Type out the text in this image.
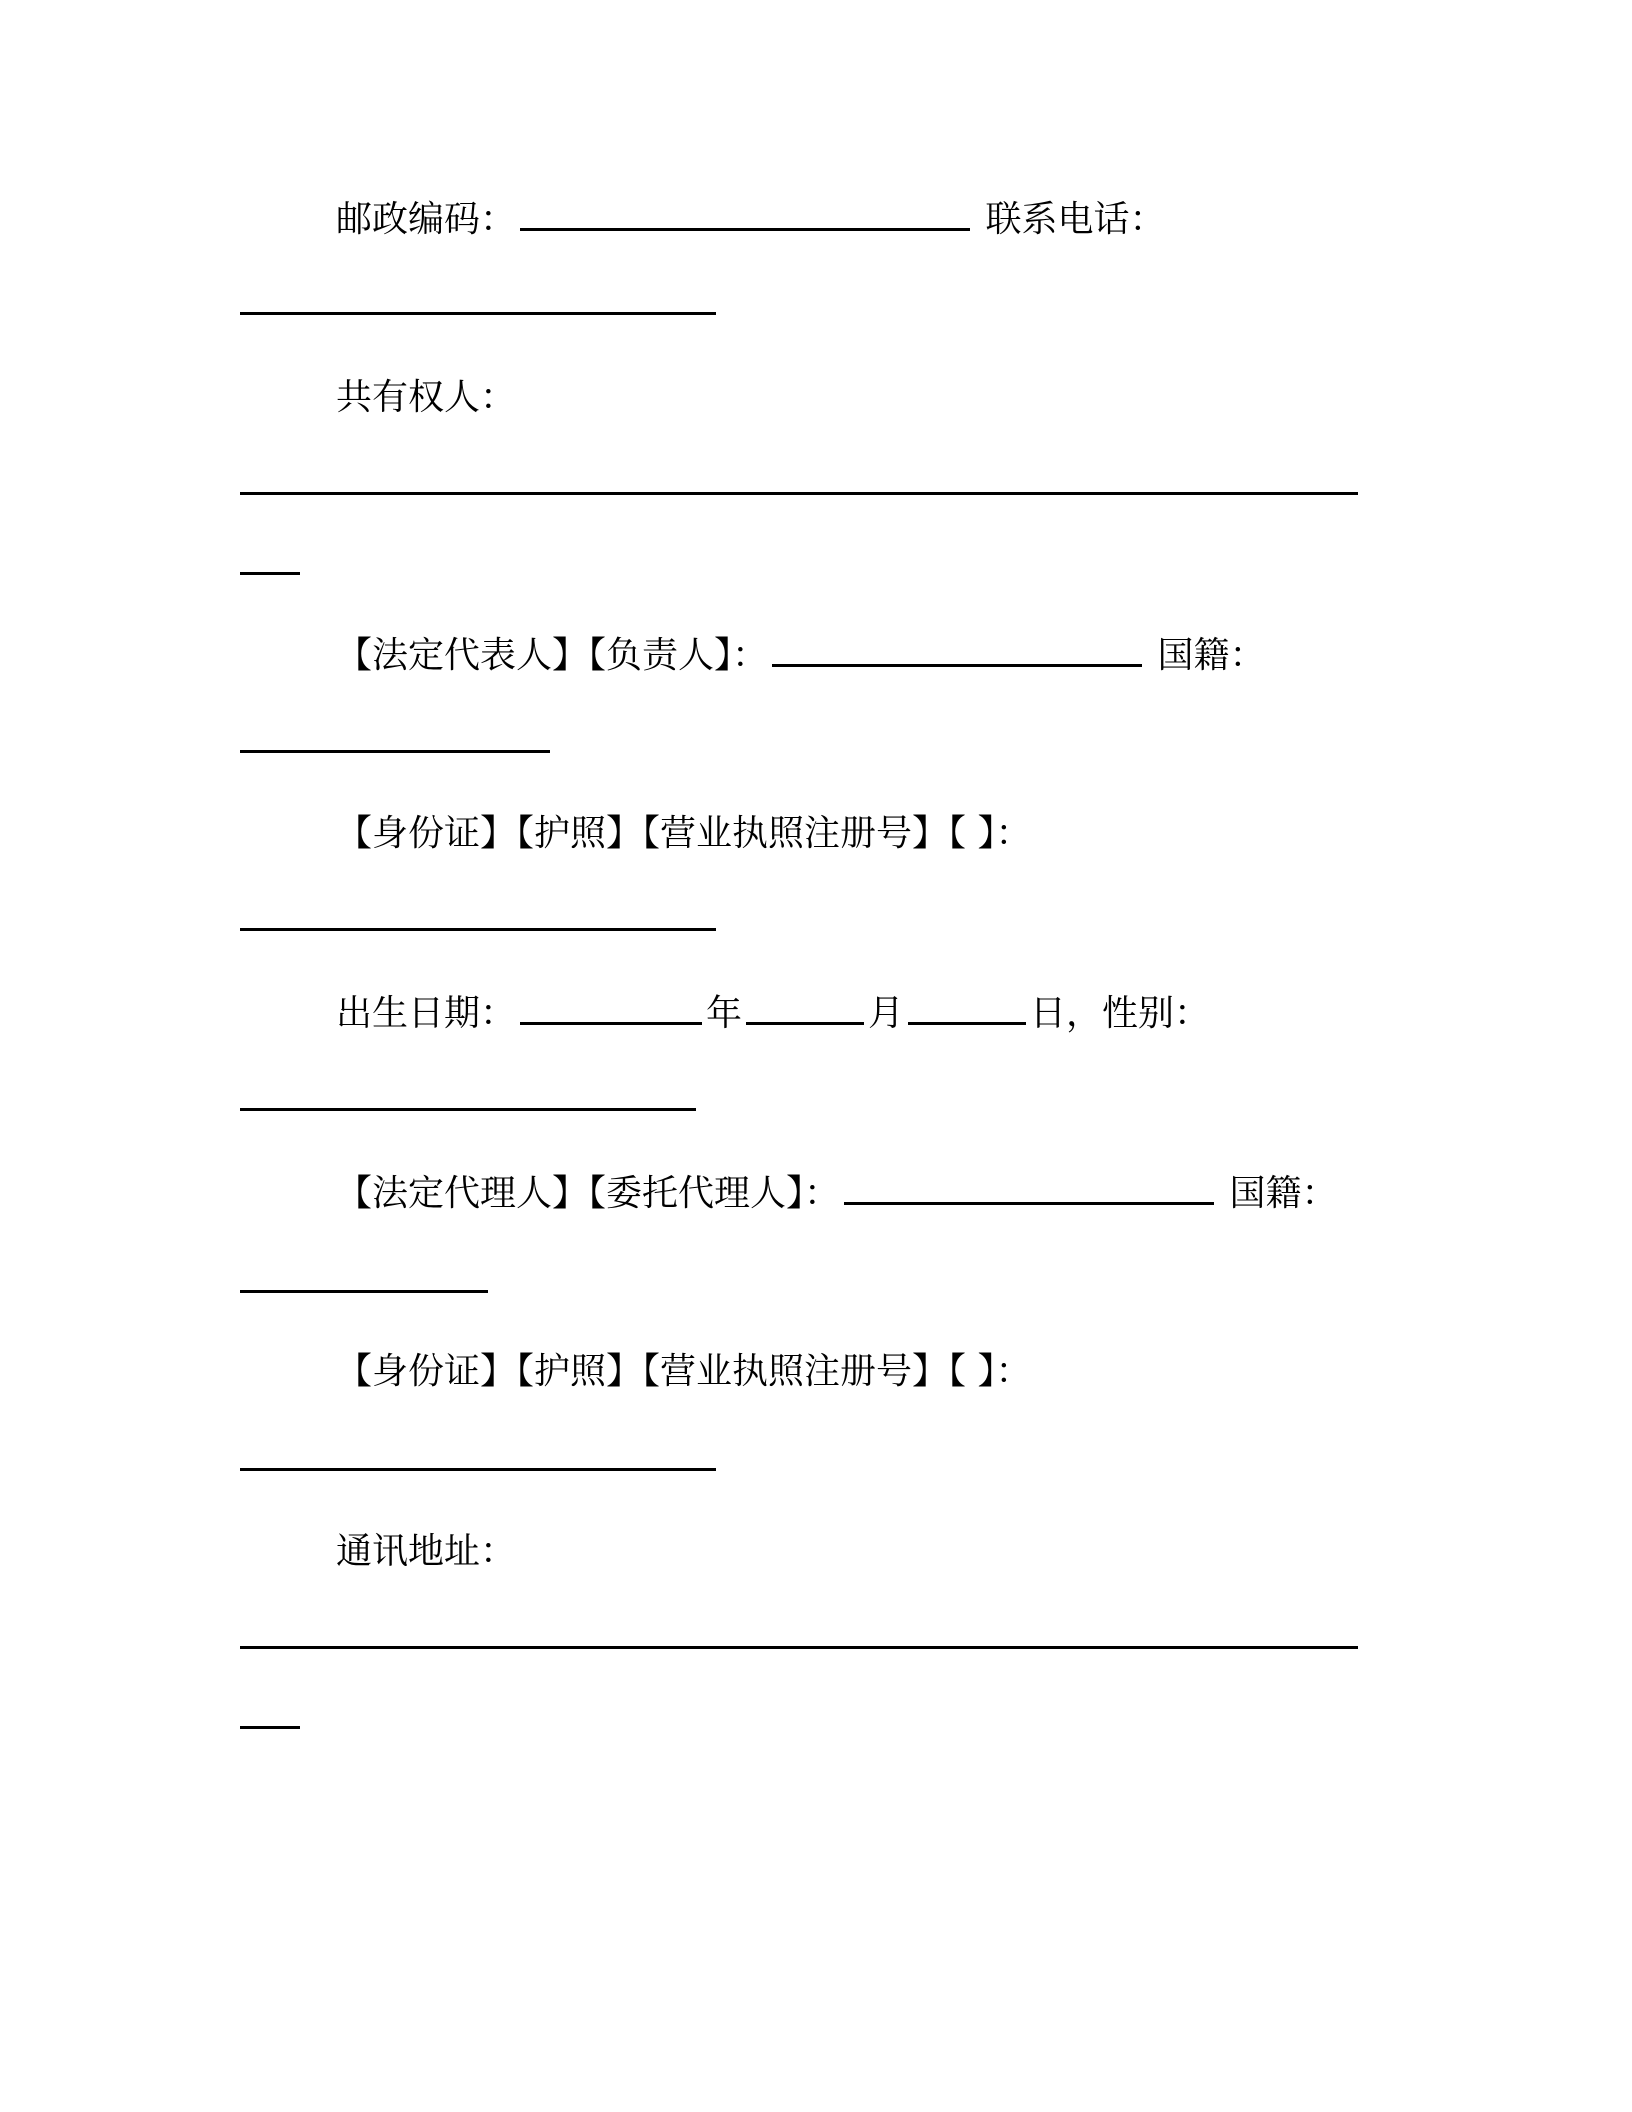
邮政编码：	联系电话：
共有权人：
【法定代表人】【负责人】：	国籍：
【身份证】【护照】【营业执照注册号】【 】：
出生日期：	年	月	日，性别：
【法定代理人】【委托代理人】：	国籍：
【身份证】【护照】【营业执照注册号】【 】：
通讯地址：
